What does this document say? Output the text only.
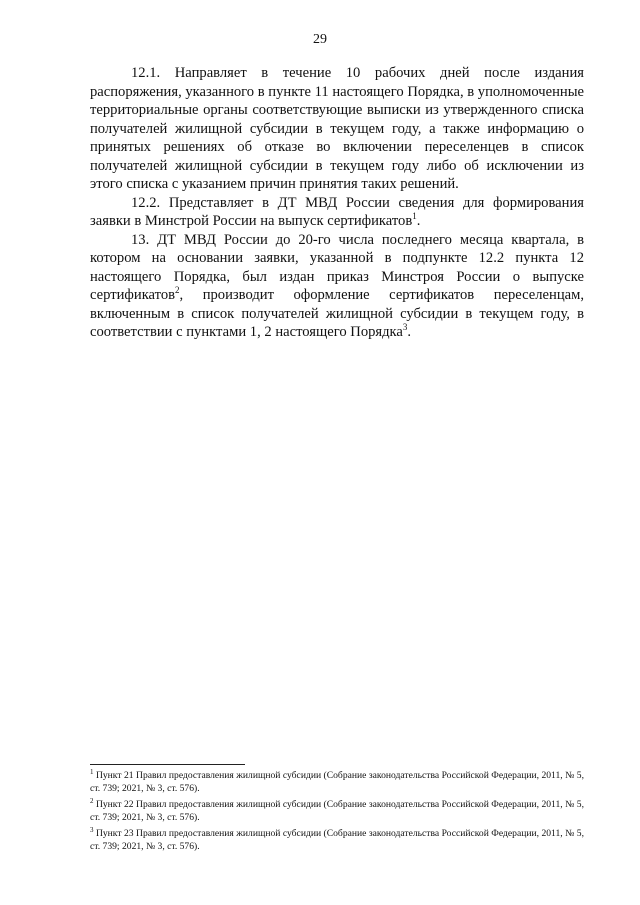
29

12.1. Направляет в течение 10 рабочих дней после издания распоряжения, указанного в пункте 11 настоящего Порядка, в уполномоченные территориальные органы соответствующие выписки из утвержденного списка получателей жилищной субсидии в текущем году, а также информацию о принятых решениях об отказе во включении переселенцев в список получателей жилищной субсидии в текущем году либо об исключении из этого списка с указанием причин принятия таких решений.

12.2. Представляет в ДТ МВД России сведения для формирования заявки в Минстрой России на выпуск сертификатов$^1$.

13. ДТ МВД России до 20-го числа последнего месяца квартала, в котором на основании заявки, указанной в подпункте 12.2 пункта 12 настоящего Порядка, был издан приказ Минстроя России о выпуске сертификатов$^2$, производит оформление сертификатов переселенцам, включенным в список получателей жилищной субсидии в текущем году, в соответствии с пунктами 1, 2 настоящего Порядка$^3$.

$^1$ Пункт 21 Правил предоставления жилищной субсидии (Собрание законодательства Российской Федерации, 2011, № 5, ст. 739; 2021, № 3, ст. 576).

$^2$ Пункт 22 Правил предоставления жилищной субсидии (Собрание законодательства Российской Федерации, 2011, № 5, ст. 739; 2021, № 3, ст. 576).

$^3$ Пункт 23 Правил предоставления жилищной субсидии (Собрание законодательства Российской Федерации, 2011, № 5, ст. 739; 2021, № 3, ст. 576).
